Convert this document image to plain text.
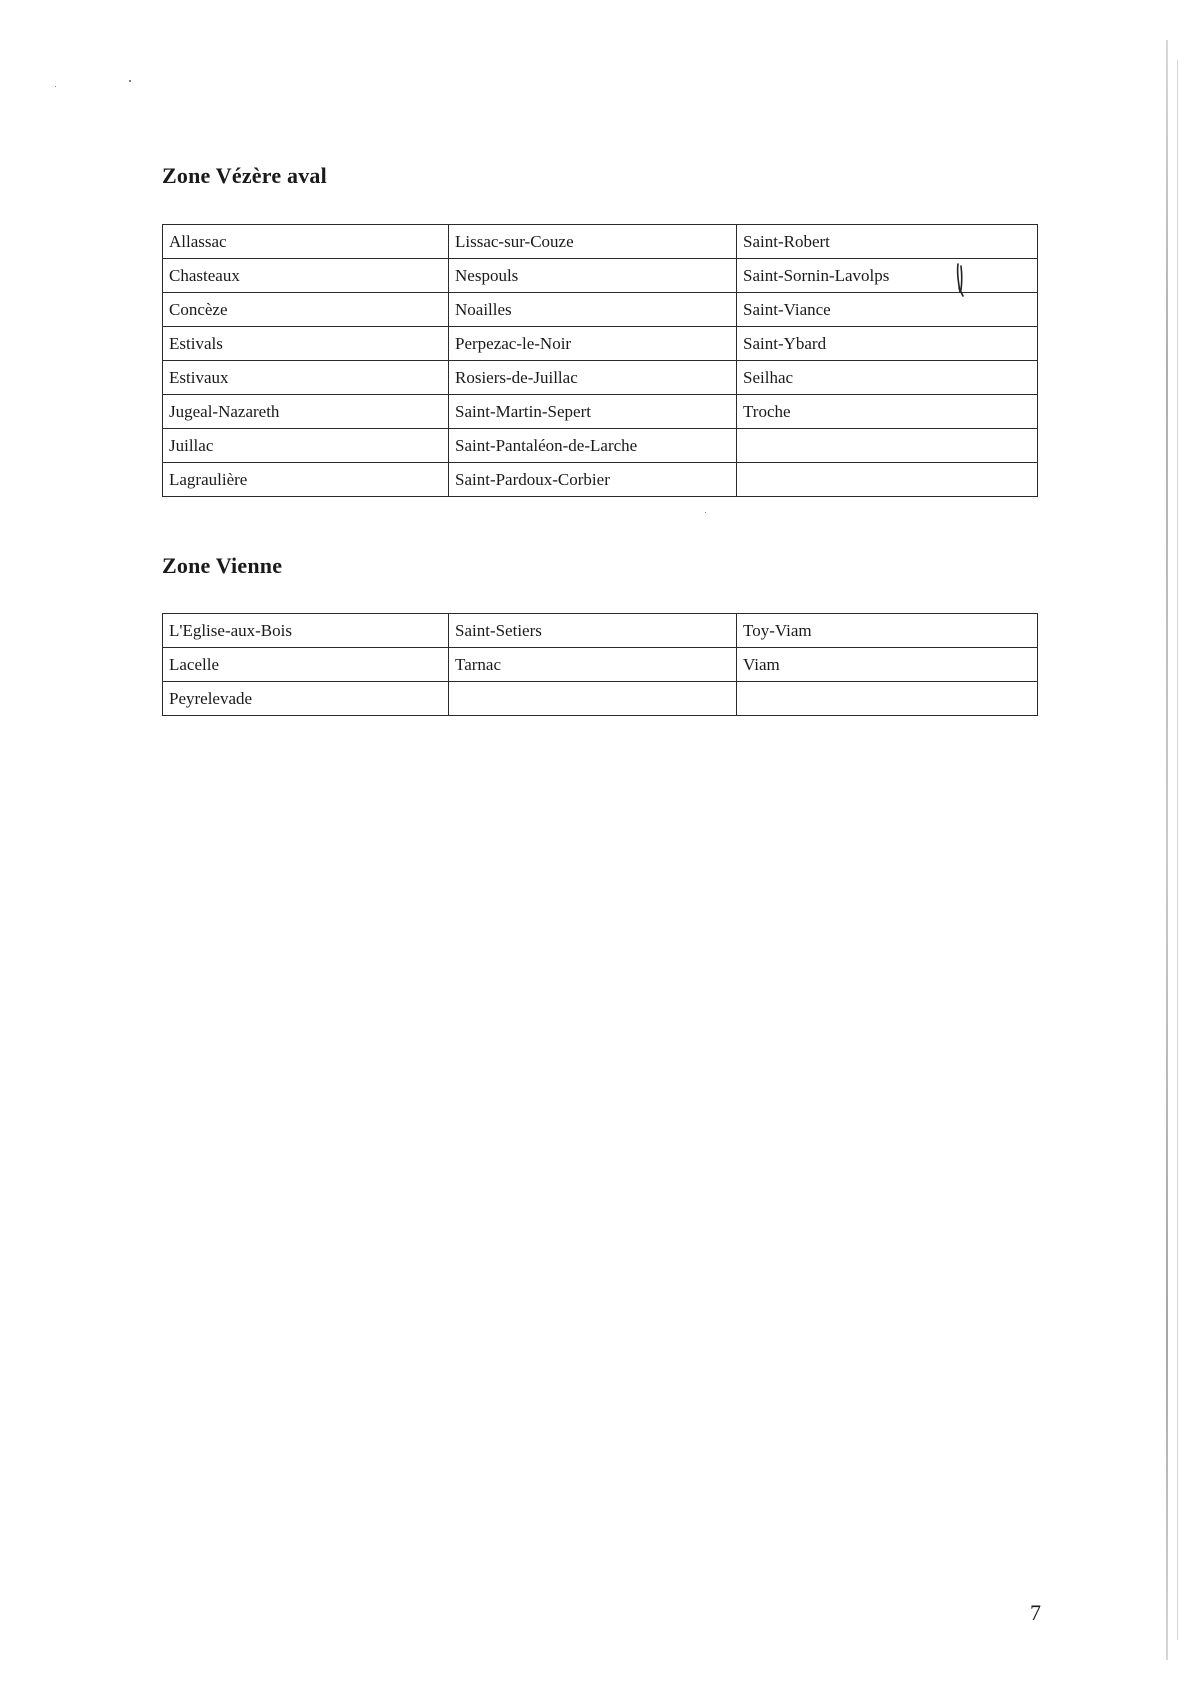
Zone Vézère aval
Allassac	Lissac-sur-Couze	Saint-Robert
Chasteaux	Nespouls	Saint-Sornin-Lavolps
Concèze	Noailles	Saint-Viance
Estivals	Perpezac-le-Noir	Saint-Ybard
Estivaux	Rosiers-de-Juillac	Seilhac
Jugeal-Nazareth	Saint-Martin-Sepert	Troche
Juillac	Saint-Pantaléon-de-Larche	
Lagraulière	Saint-Pardoux-Corbier	
Zone Vienne
L'Eglise-aux-Bois	Saint-Setiers	Toy-Viam
Lacelle	Tarnac	Viam
Peyrelevade		
7
